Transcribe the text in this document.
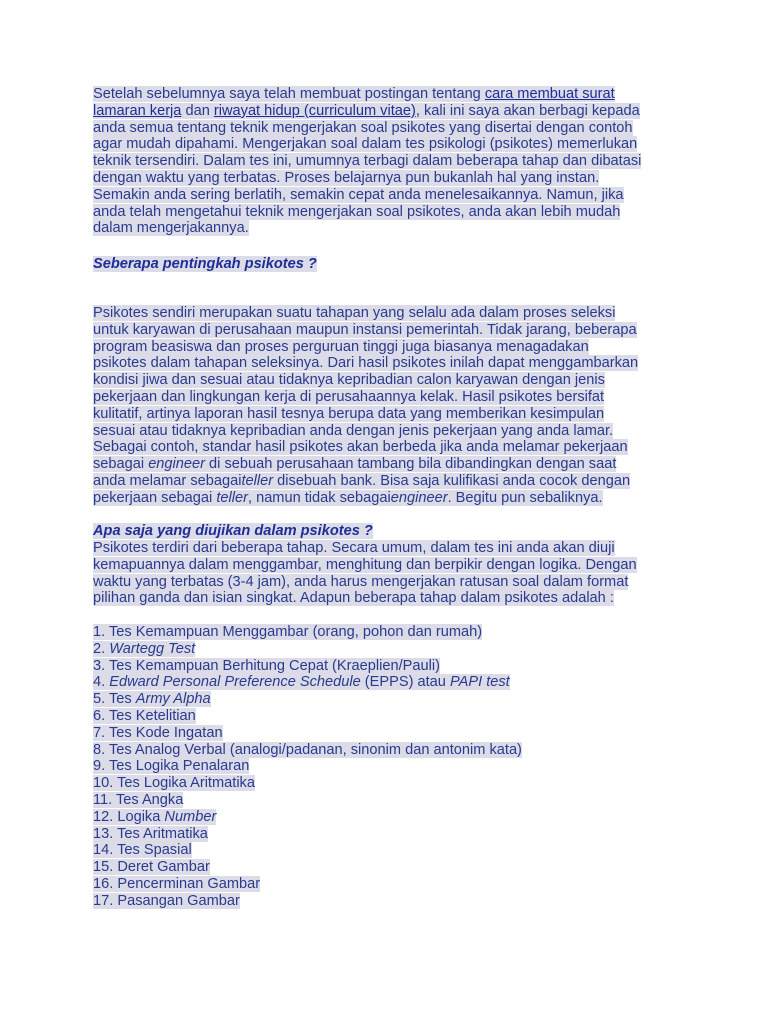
Setelah sebelumnya saya telah membuat postingan tentang cara membuat surat
lamaran kerja dan riwayat hidup (curriculum vitae), kali ini saya akan berbagi kepada
anda semua tentang teknik mengerjakan soal psikotes yang disertai dengan contoh
agar mudah dipahami. Mengerjakan soal dalam tes psikologi (psikotes) memerlukan
teknik tersendiri. Dalam tes ini, umumnya terbagi dalam beberapa tahap dan dibatasi
dengan waktu yang terbatas. Proses belajarnya pun bukanlah hal yang instan.
Semakin anda sering berlatih, semakin cepat anda menelesaikannya. Namun, jika
anda telah mengetahui teknik mengerjakan soal psikotes, anda akan lebih mudah
dalam mengerjakannya.
Seberapa pentingkah psikotes ?
Psikotes sendiri merupakan suatu tahapan yang selalu ada dalam proses seleksi
untuk karyawan di perusahaan maupun instansi pemerintah. Tidak jarang, beberapa
program beasiswa dan proses perguruan tinggi juga biasanya menagadakan
psikotes dalam tahapan seleksinya. Dari hasil psikotes inilah dapat menggambarkan
kondisi jiwa dan sesuai atau tidaknya kepribadian calon karyawan dengan jenis
pekerjaan dan lingkungan kerja di perusahaannya kelak. Hasil psikotes bersifat
kulitatif, artinya laporan hasil tesnya berupa data yang memberikan kesimpulan
sesuai atau tidaknya kepribadian anda dengan jenis pekerjaan yang anda lamar.
Sebagai contoh, standar hasil psikotes akan berbeda jika anda melamar pekerjaan
sebagai engineer di sebuah perusahaan tambang bila dibandingkan dengan saat
anda melamar sebagaiteller disebuah bank. Bisa saja kulifikasi anda cocok dengan
pekerjaan sebagai teller, namun tidak sebagaiengineer. Begitu pun sebaliknya.
Apa saja yang diujikan dalam psikotes ?
Psikotes terdiri dari beberapa tahap. Secara umum, dalam tes ini anda akan diuji
kemapuannya dalam menggambar, menghitung dan berpikir dengan logika. Dengan
waktu yang terbatas (3-4 jam), anda harus mengerjakan ratusan soal dalam format
pilihan ganda dan isian singkat. Adapun beberapa tahap dalam psikotes adalah :
1. Tes Kemampuan Menggambar (orang, pohon dan rumah)
2. Wartegg Test
3. Tes Kemampuan Berhitung Cepat (Kraeplien/Pauli)
4. Edward Personal Preference Schedule (EPPS) atau PAPI test
5. Tes Army Alpha
6. Tes Ketelitian
7. Tes Kode Ingatan
8. Tes Analog Verbal (analogi/padanan, sinonim dan antonim kata)
9. Tes Logika Penalaran
10. Tes Logika Aritmatika
11. Tes Angka
12. Logika Number
13. Tes Aritmatika
14. Tes Spasial
15. Deret Gambar
16. Pencerminan Gambar
17. Pasangan Gambar
